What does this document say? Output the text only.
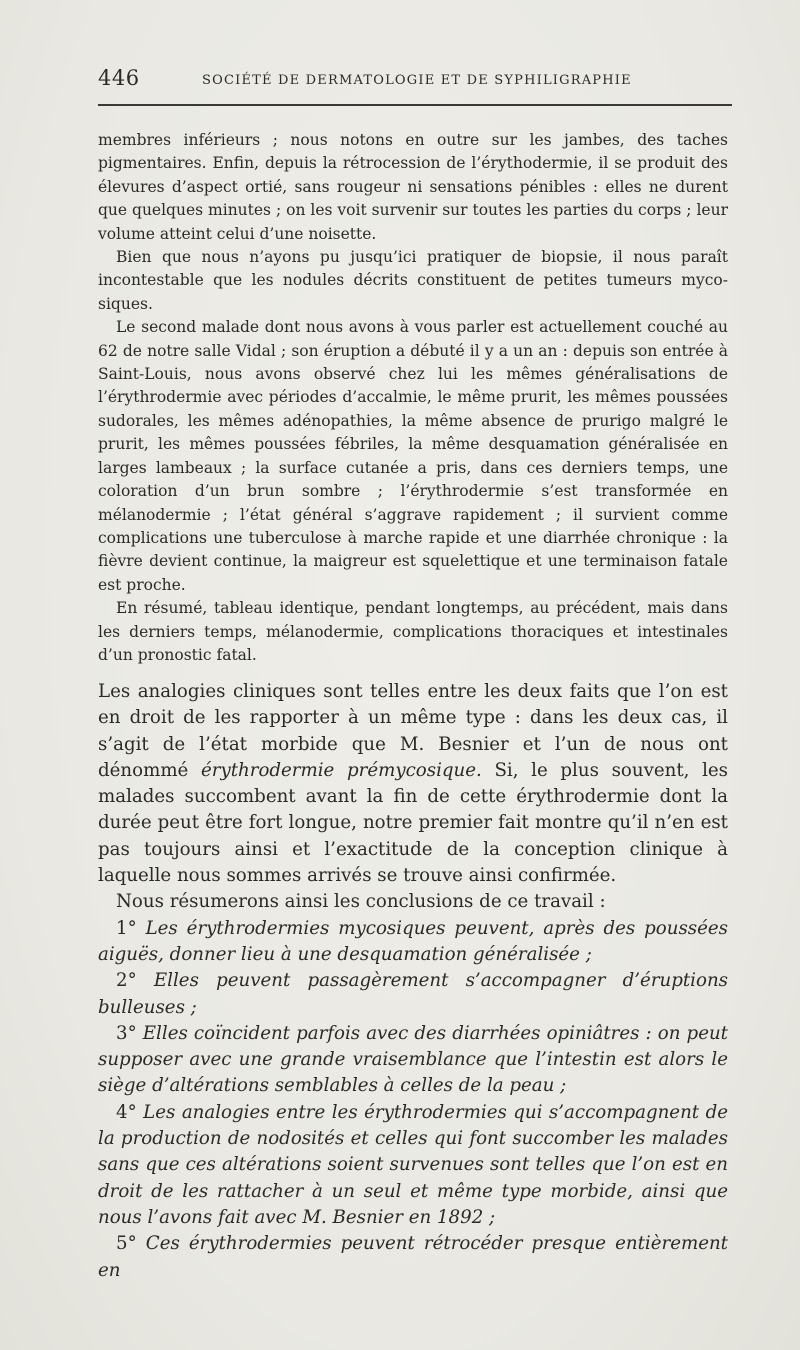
446	SOCIÉTÉ DE DERMATOLOGIE ET DE SYPHILIGRAPHIE

membres inférieurs ; nous notons en outre sur les jambes, des taches pigmentaires. Enfin, depuis la rétrocession de l’érythodermie, il se produit des élevures d’aspect ortié, sans rougeur ni sensations pénibles : elles ne durent que quelques minutes ; on les voit survenir sur toutes les parties du corps ; leur volume atteint celui d’une noisette.

Bien que nous n’ayons pu jusqu’ici pratiquer de biopsie, il nous paraît incontestable que les nodules décrits constituent de petites tumeurs mycosiques.

Le second malade dont nous avons à vous parler est actuellement couché au 62 de notre salle Vidal ; son éruption a débuté il y a un an : depuis son entrée à Saint-Louis, nous avons observé chez lui les mêmes généralisations de l’érythrodermie avec périodes d’accalmie, le même prurit, les mêmes poussées sudorales, les mêmes adénopathies, la même absence de prurigo malgré le prurit, les mêmes poussées fébriles, la même desquamation généralisée en larges lambeaux ; la surface cutanée a pris, dans ces derniers temps, une coloration d’un brun sombre ; l’érythrodermie s’est transformée en mélanodermie ; l’état général s’aggrave rapidement ; il survient comme complications une tuberculose à marche rapide et une diarrhée chronique : la fièvre devient continue, la maigreur est squelettique et une terminaison fatale est proche.

En résumé, tableau identique, pendant longtemps, au précédent, mais dans les derniers temps, mélanodermie, complications thoraciques et intestinales d’un pronostic fatal.

Les analogies cliniques sont telles entre les deux faits que l’on est en droit de les rapporter à un même type : dans les deux cas, il s’agit de l’état morbide que M. Besnier et l’un de nous ont dénommé érythrodermie prémycosique. Si, le plus souvent, les malades succombent avant la fin de cette érythrodermie dont la durée peut être fort longue, notre premier fait montre qu’il n’en est pas toujours ainsi et l’exactitude de la conception clinique à laquelle nous sommes arrivés se trouve ainsi confirmée.

Nous résumerons ainsi les conclusions de ce travail :

1° Les érythrodermies mycosiques peuvent, après des poussées aiguës, donner lieu à une desquamation généralisée ;

2° Elles peuvent passagèrement s’accompagner d’éruptions bulleuses ;

3° Elles coïncident parfois avec des diarrhées opiniâtres : on peut supposer avec une grande vraisemblance que l’intestin est alors le siège d’altérations semblables à celles de la peau ;

4° Les analogies entre les érythrodermies qui s’accompagnent de la production de nodosités et celles qui font succomber les malades sans que ces altérations soient survenues sont telles que l’on est en droit de les rattacher à un seul et même type morbide, ainsi que nous l’avons fait avec M. Besnier en 1892 ;

5° Ces érythrodermies peuvent rétrocéder presque entièrement en
